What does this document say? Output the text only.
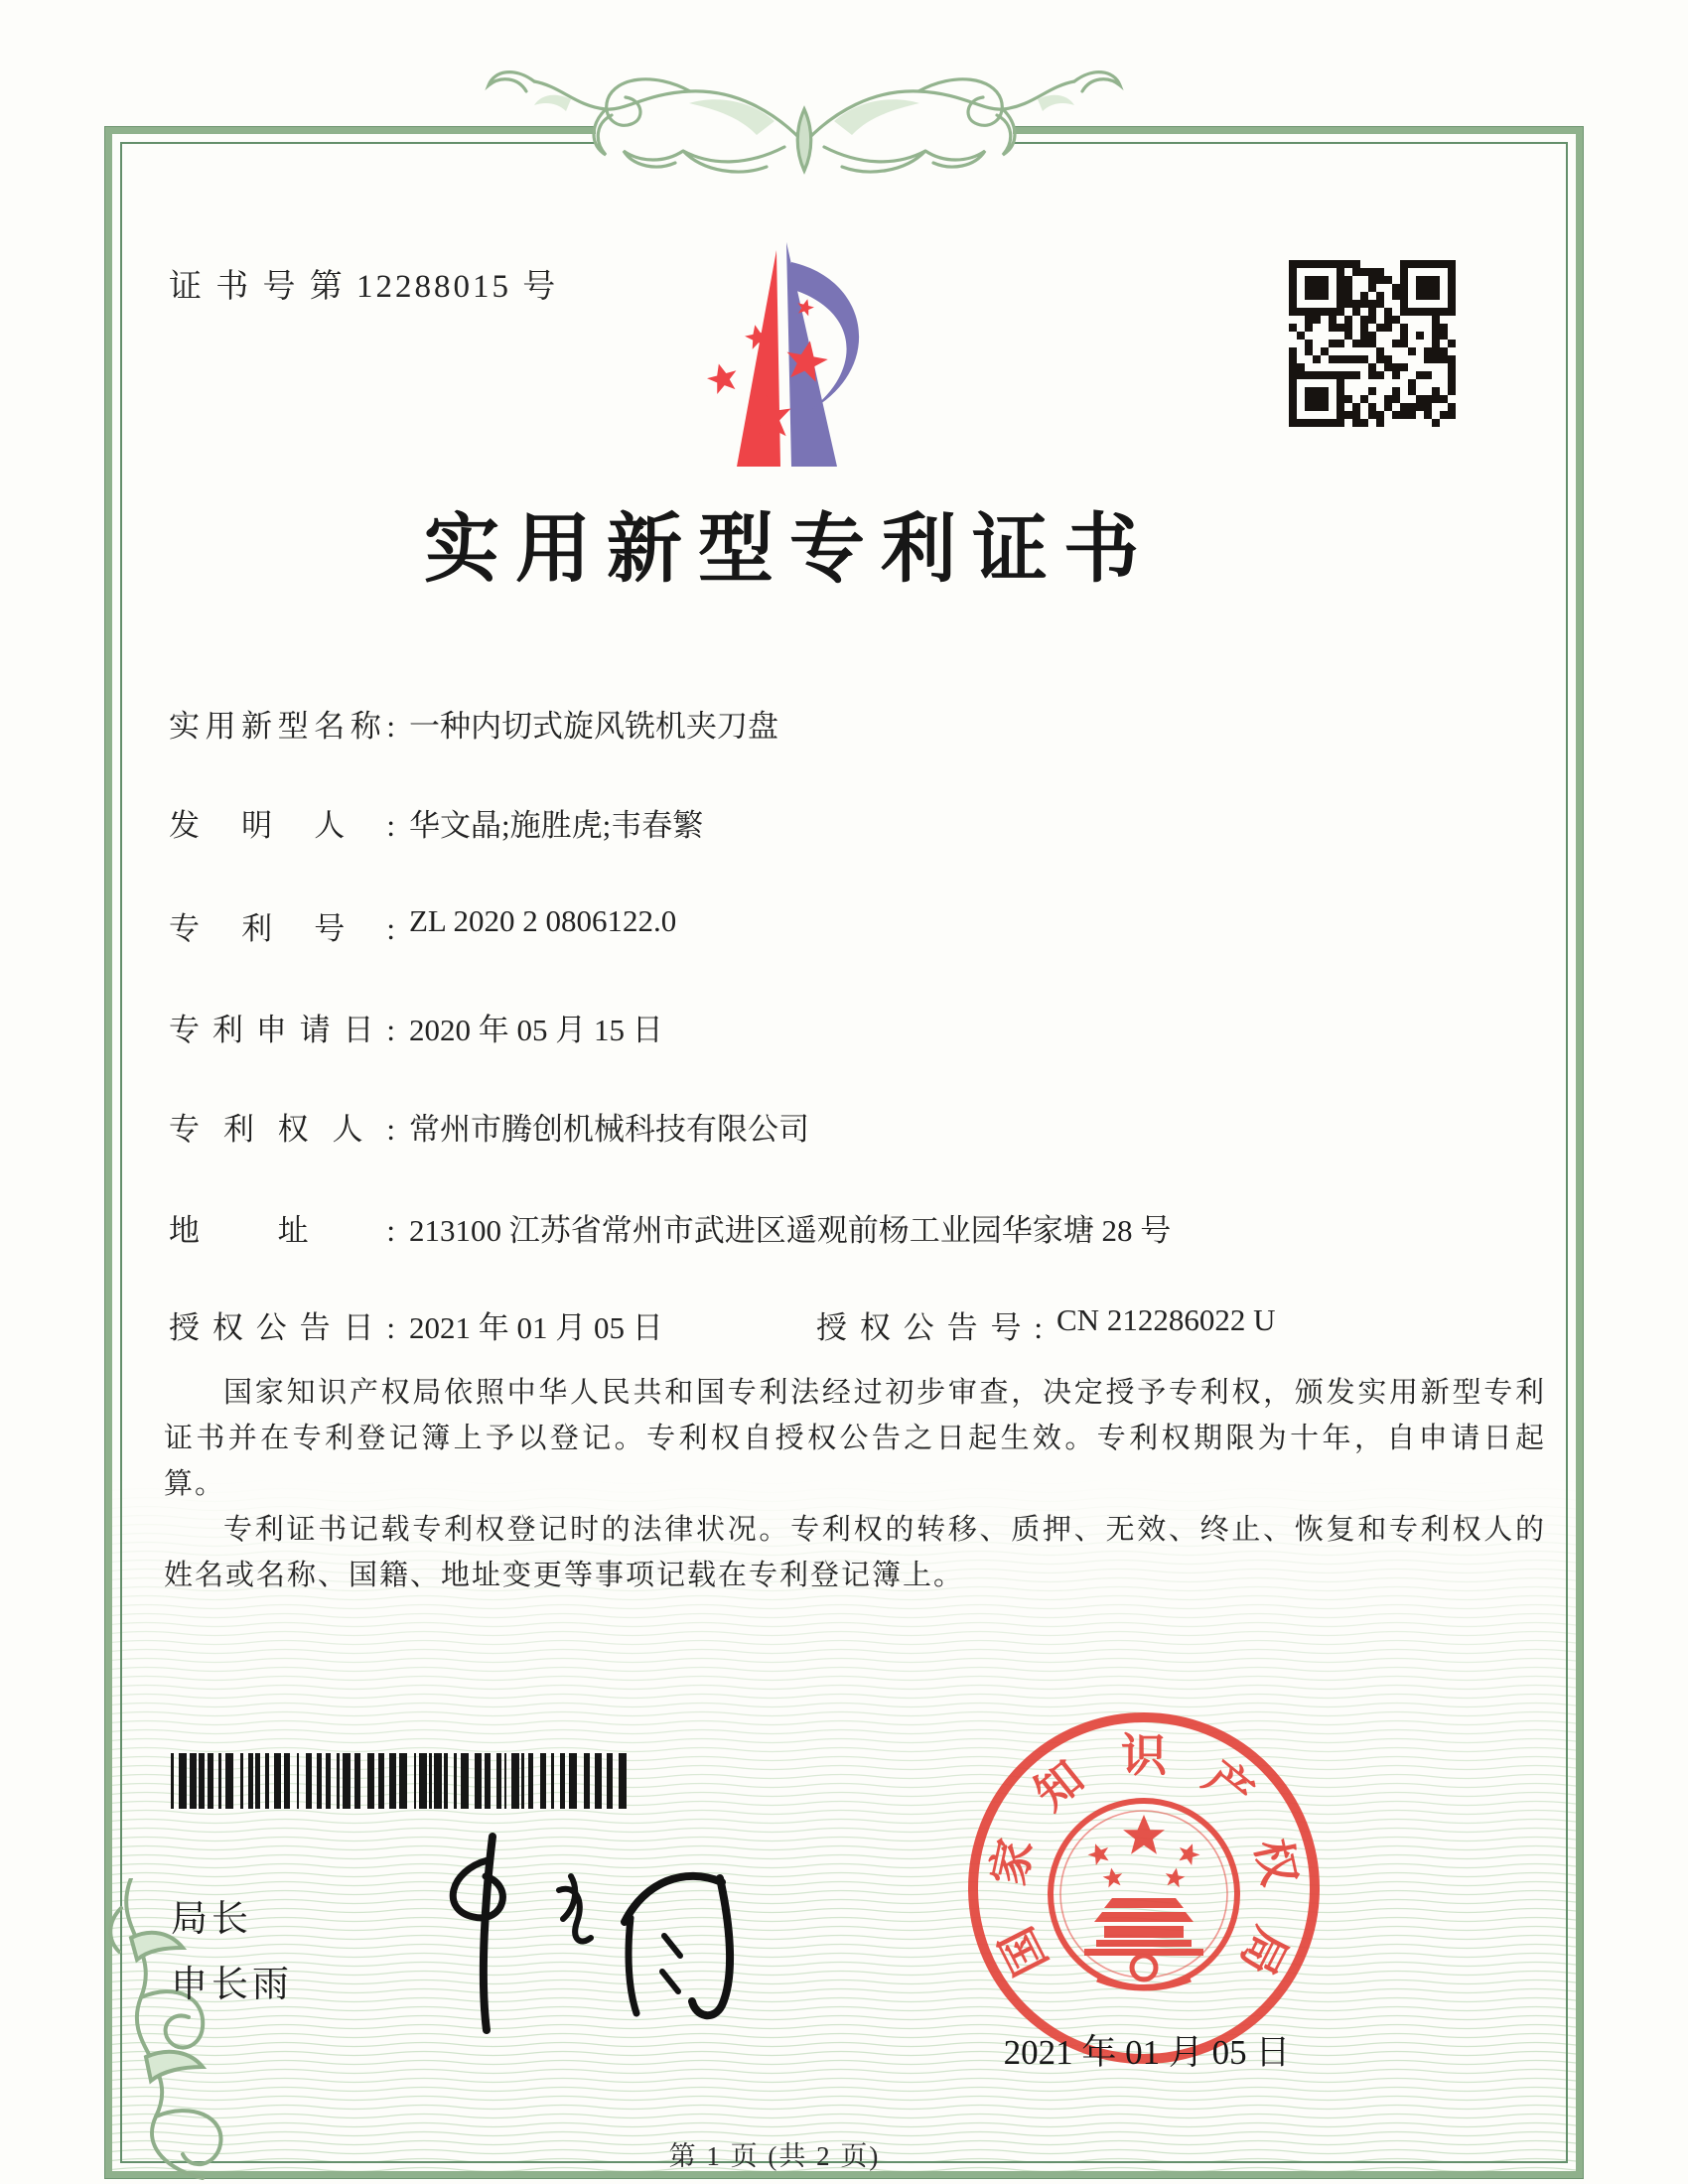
证 书 号 第 12288015 号
实用新型专利证书
实用新型名称: 一种内切式旋风铣机夹刀盘
发明人: 华文晶;施胜虎;韦春繁
专利号: ZL 2020 2 0806122.0
专利申请日: 2020 年 05 月 15 日
专利权人: 常州市腾创机械科技有限公司
地址: 213100 江苏省常州市武进区遥观前杨工业园华家塘 28 号
授权公告日: 2021 年 01 月 05 日	授权公告号: CN 212286022 U

国家知识产权局依照中华人民共和国专利法经过初步审查，决定授予专利权，颁发实用新型专利证书并在专利登记簿上予以登记。专利权自授权公告之日起生效。专利权期限为十年，自申请日起算。

专利证书记载专利权登记时的法律状况。专利权的转移、质押、无效、终止、恢复和专利权人的姓名或名称、国籍、地址变更等事项记载在专利登记簿上。

局长
申长雨
国
家
知 识 产
权
局
2021 年 01 月 05 日
第 1 页 (共 2 页)
